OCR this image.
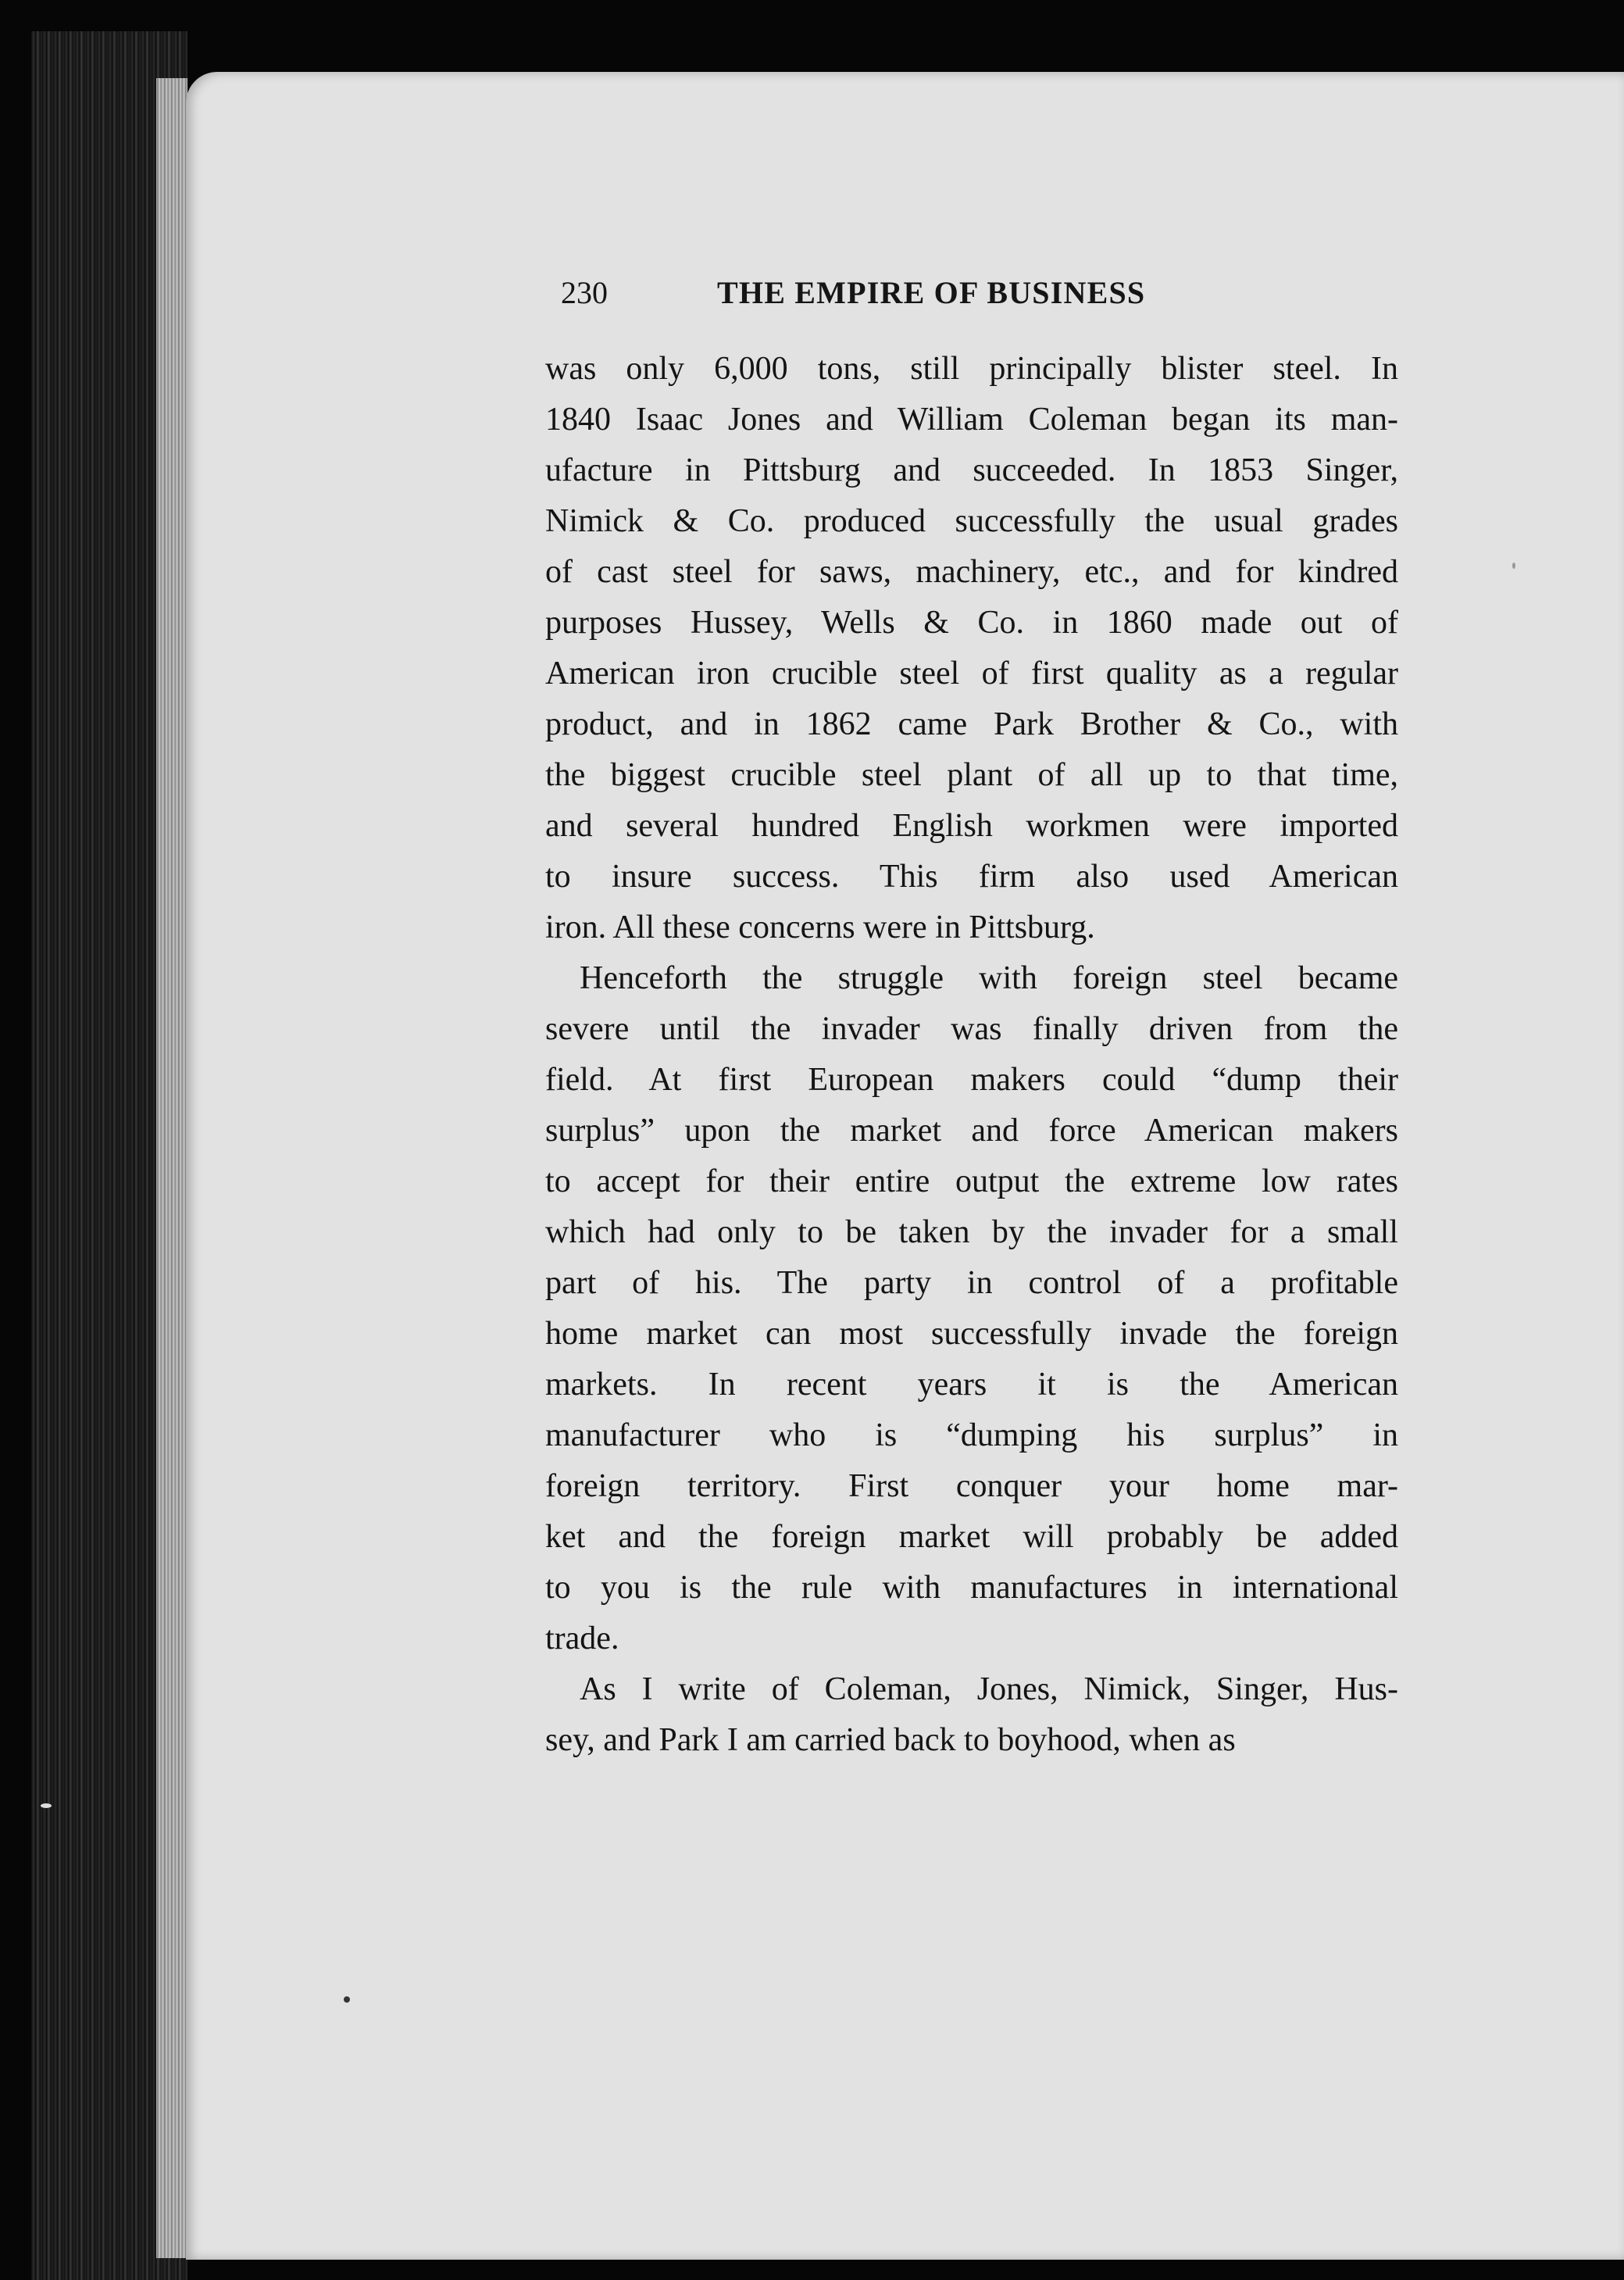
230	THE EMPIRE OF BUSINESS
was only 6,000 tons, still principally blister steel. In
1840 Isaac Jones and William Coleman began its man-
ufacture in Pittsburg and succeeded. In 1853 Singer,
Nimick & Co. produced successfully the usual grades
of cast steel for saws, machinery, etc., and for kindred
purposes Hussey, Wells & Co. in 1860 made out of
American iron crucible steel of first quality as a regular
product, and in 1862 came Park Brother & Co., with
the biggest crucible steel plant of all up to that time,
and several hundred English workmen were imported
to insure success. This firm also used American
iron. All these concerns were in Pittsburg.
Henceforth the struggle with foreign steel became
severe until the invader was finally driven from the
field. At first European makers could “dump their
surplus” upon the market and force American makers
to accept for their entire output the extreme low rates
which had only to be taken by the invader for a small
part of his. The party in control of a profitable
home market can most successfully invade the foreign
markets. In recent years it is the American
manufacturer who is “dumping his surplus” in
foreign territory. First conquer your home mar-
ket and the foreign market will probably be added
to you is the rule with manufactures in international
trade.
As I write of Coleman, Jones, Nimick, Singer, Hus-
sey, and Park I am carried back to boyhood, when as
